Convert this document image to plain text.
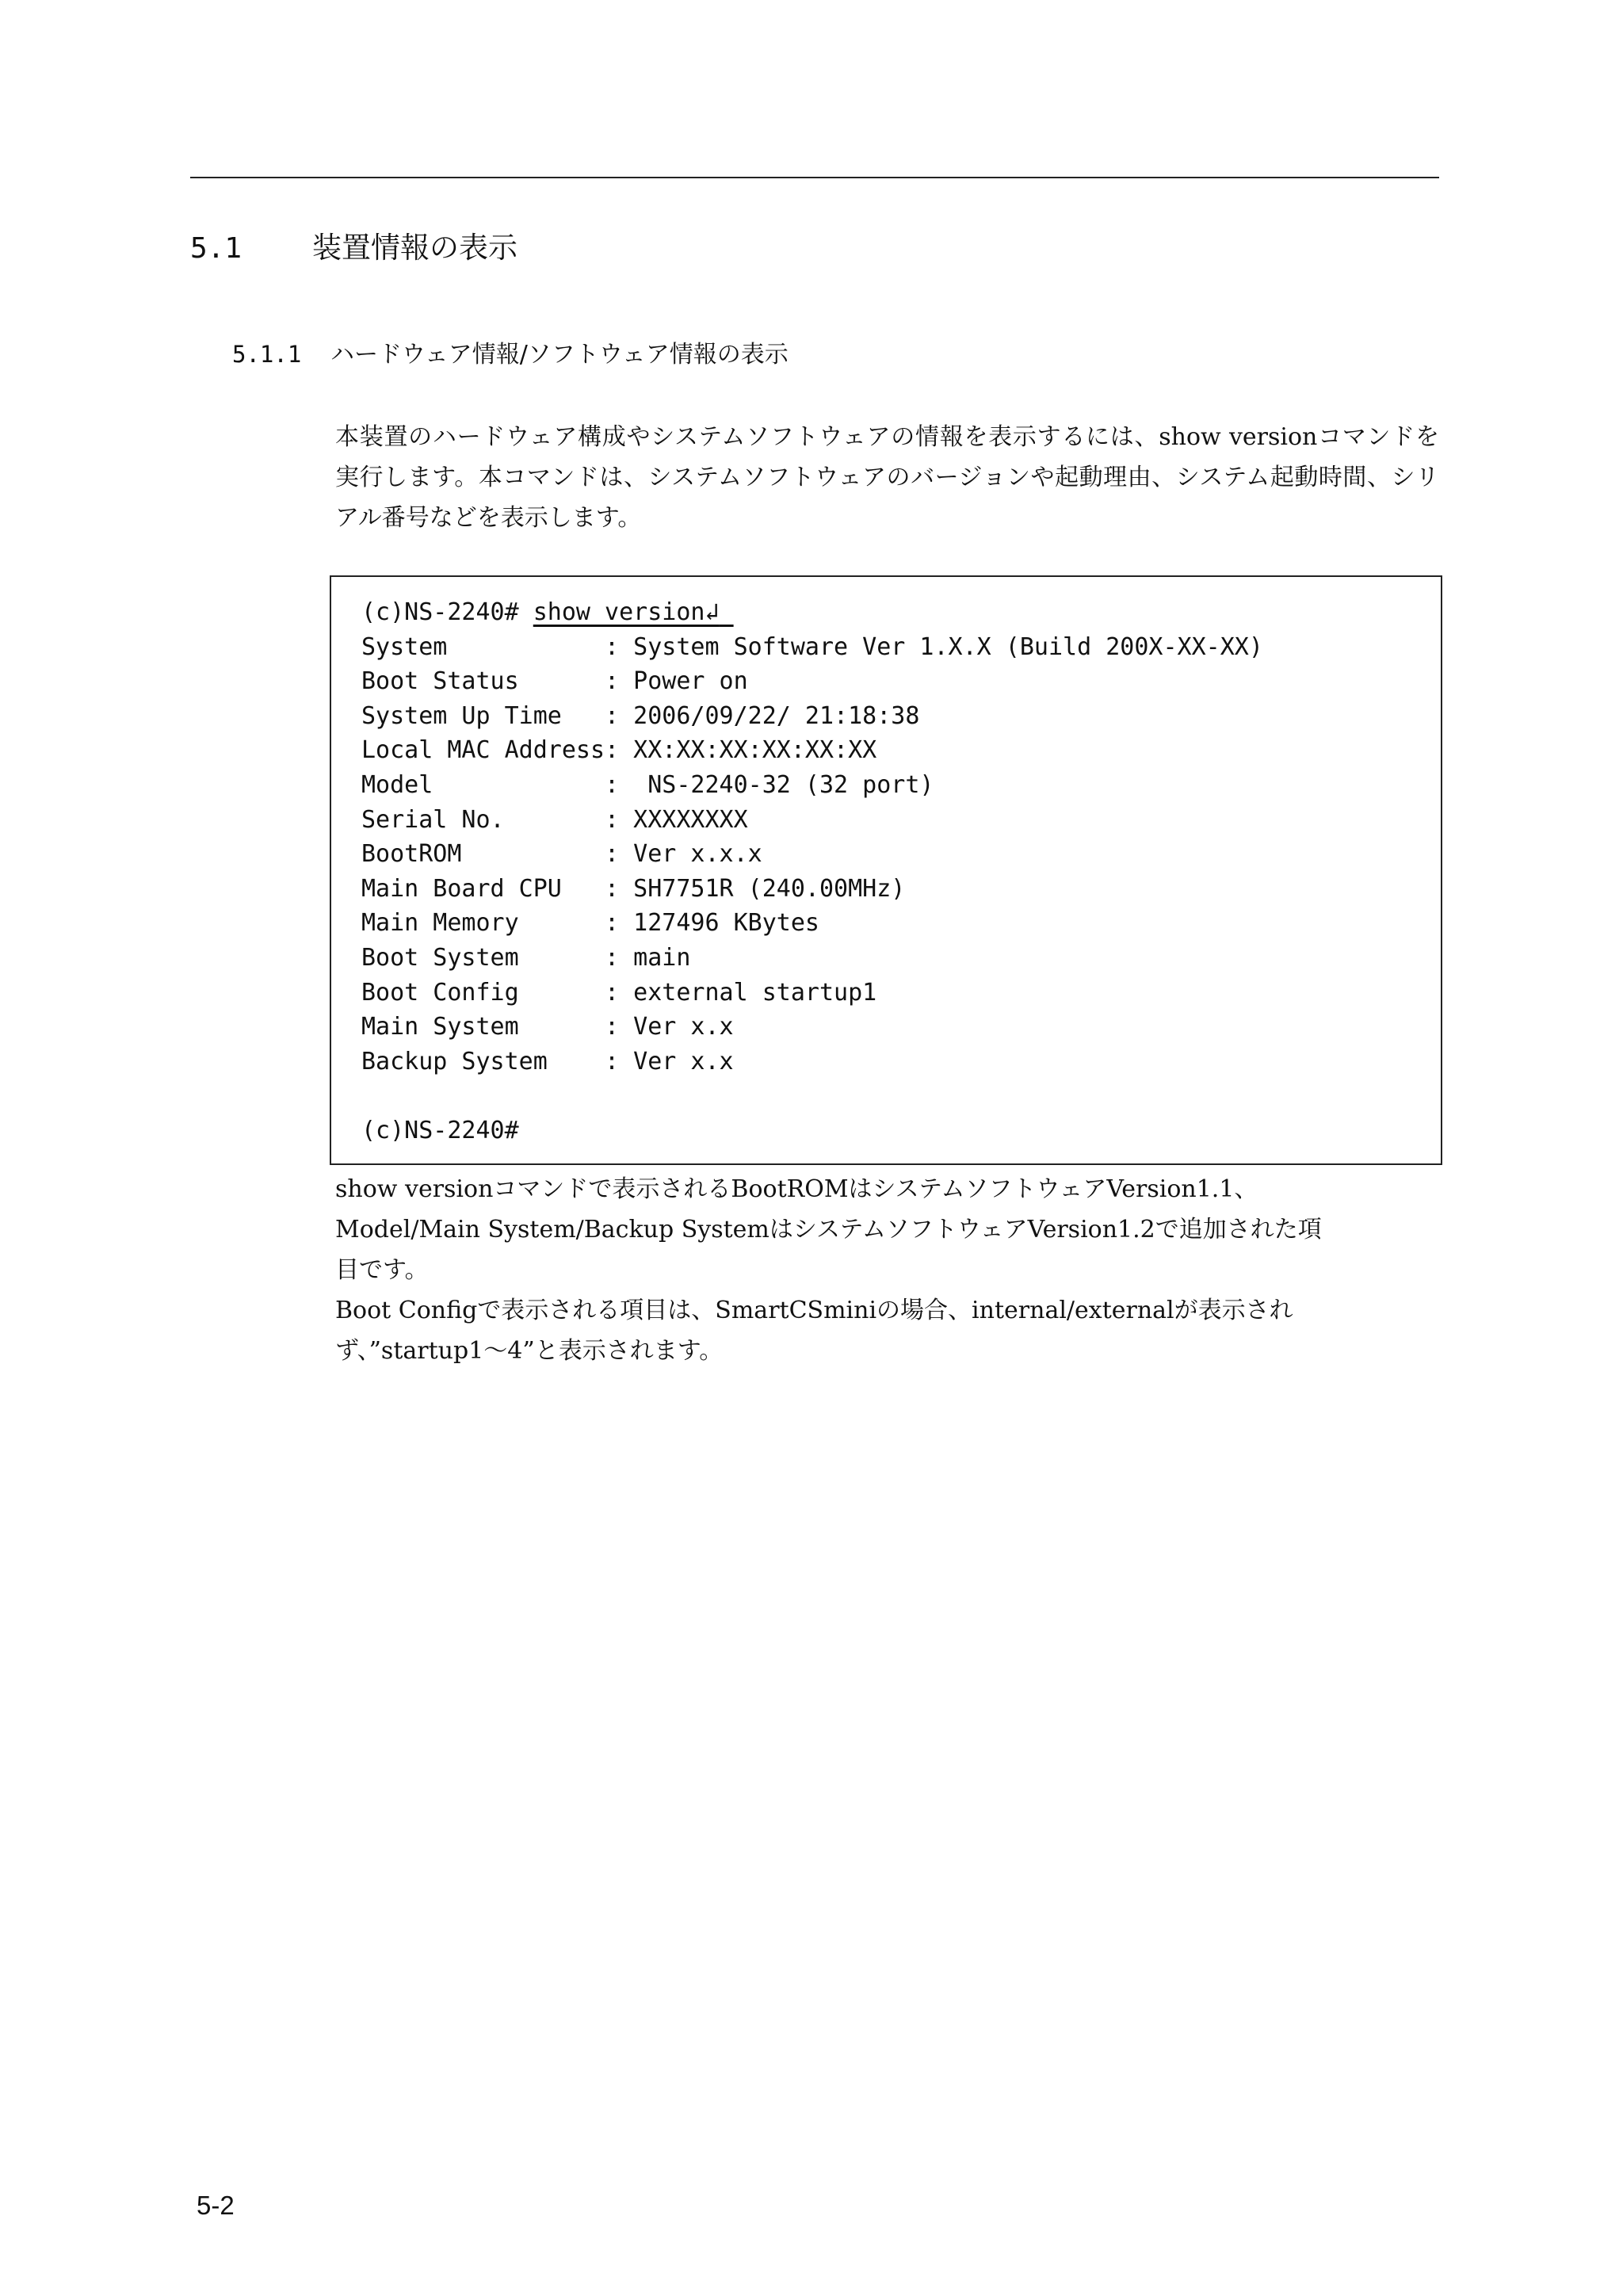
5.1 装置情報の表示
5.1.1 ハードウェア情報/ソフトウェア情報の表示

本装置のハードウェア構成やシステムソフトウェアの情報を表示するには、show versionコマンドを実行します。本コマンドは、システムソフトウェアのバージョンや起動理由、システム起動時間、シリアル番号などを表示します。

(c)NS-2240# show version↲
System           : System Software Ver 1.X.X (Build 200X-XX-XX)
Boot Status      : Power on
System Up Time   : 2006/09/22/ 21:18:38
Local MAC Address: XX:XX:XX:XX:XX:XX
Model            :  NS-2240-32 (32 port)
Serial No.       : XXXXXXXX
BootROM          : Ver x.x.x
Main Board CPU   : SH7751R (240.00MHz)
Main Memory      : 127496 KBytes
Boot System      : main
Boot Config      : external startup1
Main System      : Ver x.x
Backup System    : Ver x.x
(c)NS-2240#
show versionコマンドで表示されるBootROMはシステムソフトウェアVersion1.1、
Model/Main System/Backup SystemはシステムソフトウェアVersion1.2で追加された項
目です。
Boot Configで表示される項目は、SmartCSminiの場合、internal/externalが表示され
ず、”startup1～4”と表示されます。
5-2
